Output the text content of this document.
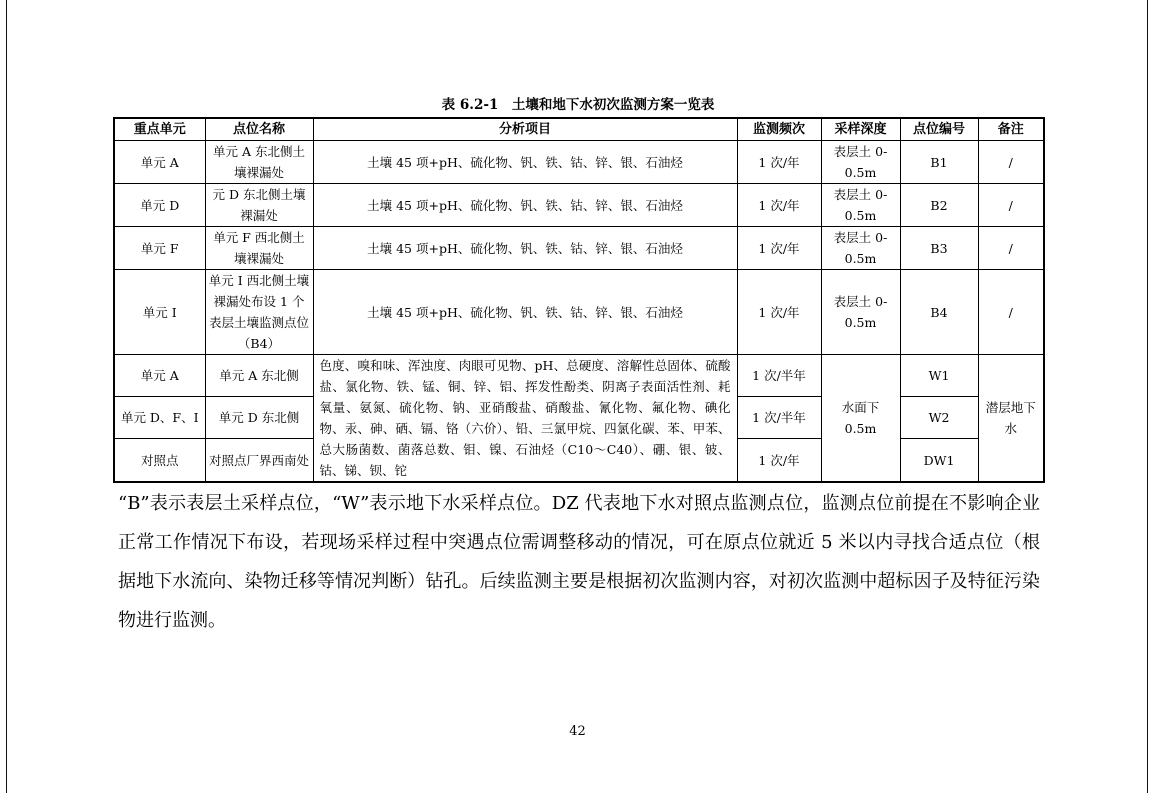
表 6.2-1　土壤和地下水初次监测方案一览表
重点单元	点位名称	分析项目	监测频次	采样深度	点位编号	备注
单元 A	单元 A 东北侧土壤裸漏处	土壤 45 项+pH、硫化物、钒、铁、钴、锌、银、石油烃	1 次/年	表层土 0-0.5m	B1	/
单元 D	元 D 东北侧土壤裸漏处	土壤 45 项+pH、硫化物、钒、铁、钴、锌、银、石油烃	1 次/年	表层土 0-0.5m	B2	/
单元 F	单元 F 西北侧土壤裸漏处	土壤 45 项+pH、硫化物、钒、铁、钴、锌、银、石油烃	1 次/年	表层土 0-0.5m	B3	/
单元 I	单元 I 西北侧土壤裸漏处布设 1 个表层土壤监测点位（B4）	土壤 45 项+pH、硫化物、钒、铁、钴、锌、银、石油烃	1 次/年	表层土 0-0.5m	B4	/
单元 A	单元 A 东北侧	色度、嗅和味、浑浊度、肉眼可见物、pH、总硬度、溶解性总固体、硫酸盐、氯化物、铁、锰、铜、锌、铝、挥发性酚类、阴离子表面活性剂、耗氧量、氨氮、硫化物、钠、亚硝酸盐、硝酸盐、氰化物、氟化物、碘化物、汞、砷、硒、镉、铬（六价）、铅、三氯甲烷、四氯化碳、苯、甲苯、总大肠菌数、菌落总数、钼、镍、石油烃（C10～C40）、硼、银、铍、钴、锑、钡、铊	1 次/半年	水面下 0.5m	W1	潜层地下水
单元 D、F、I	单元 D 东北侧		1 次/半年		W2	
对照点	对照点厂界西南处		1 次/年		DW1	
“B”表示表层土采样点位，“W”表示地下水采样点位。DZ 代表地下水对照点监测点位，监测点位前提在不影响企业正常工作情况下布设，若现场采样过程中突遇点位需调整移动的情况，可在原点位就近 5 米以内寻找合适点位（根据地下水流向、染物迁移等情况判断）钻孔。后续监测主要是根据初次监测内容，对初次监测中超标因子及特征污染物进行监测。
42
